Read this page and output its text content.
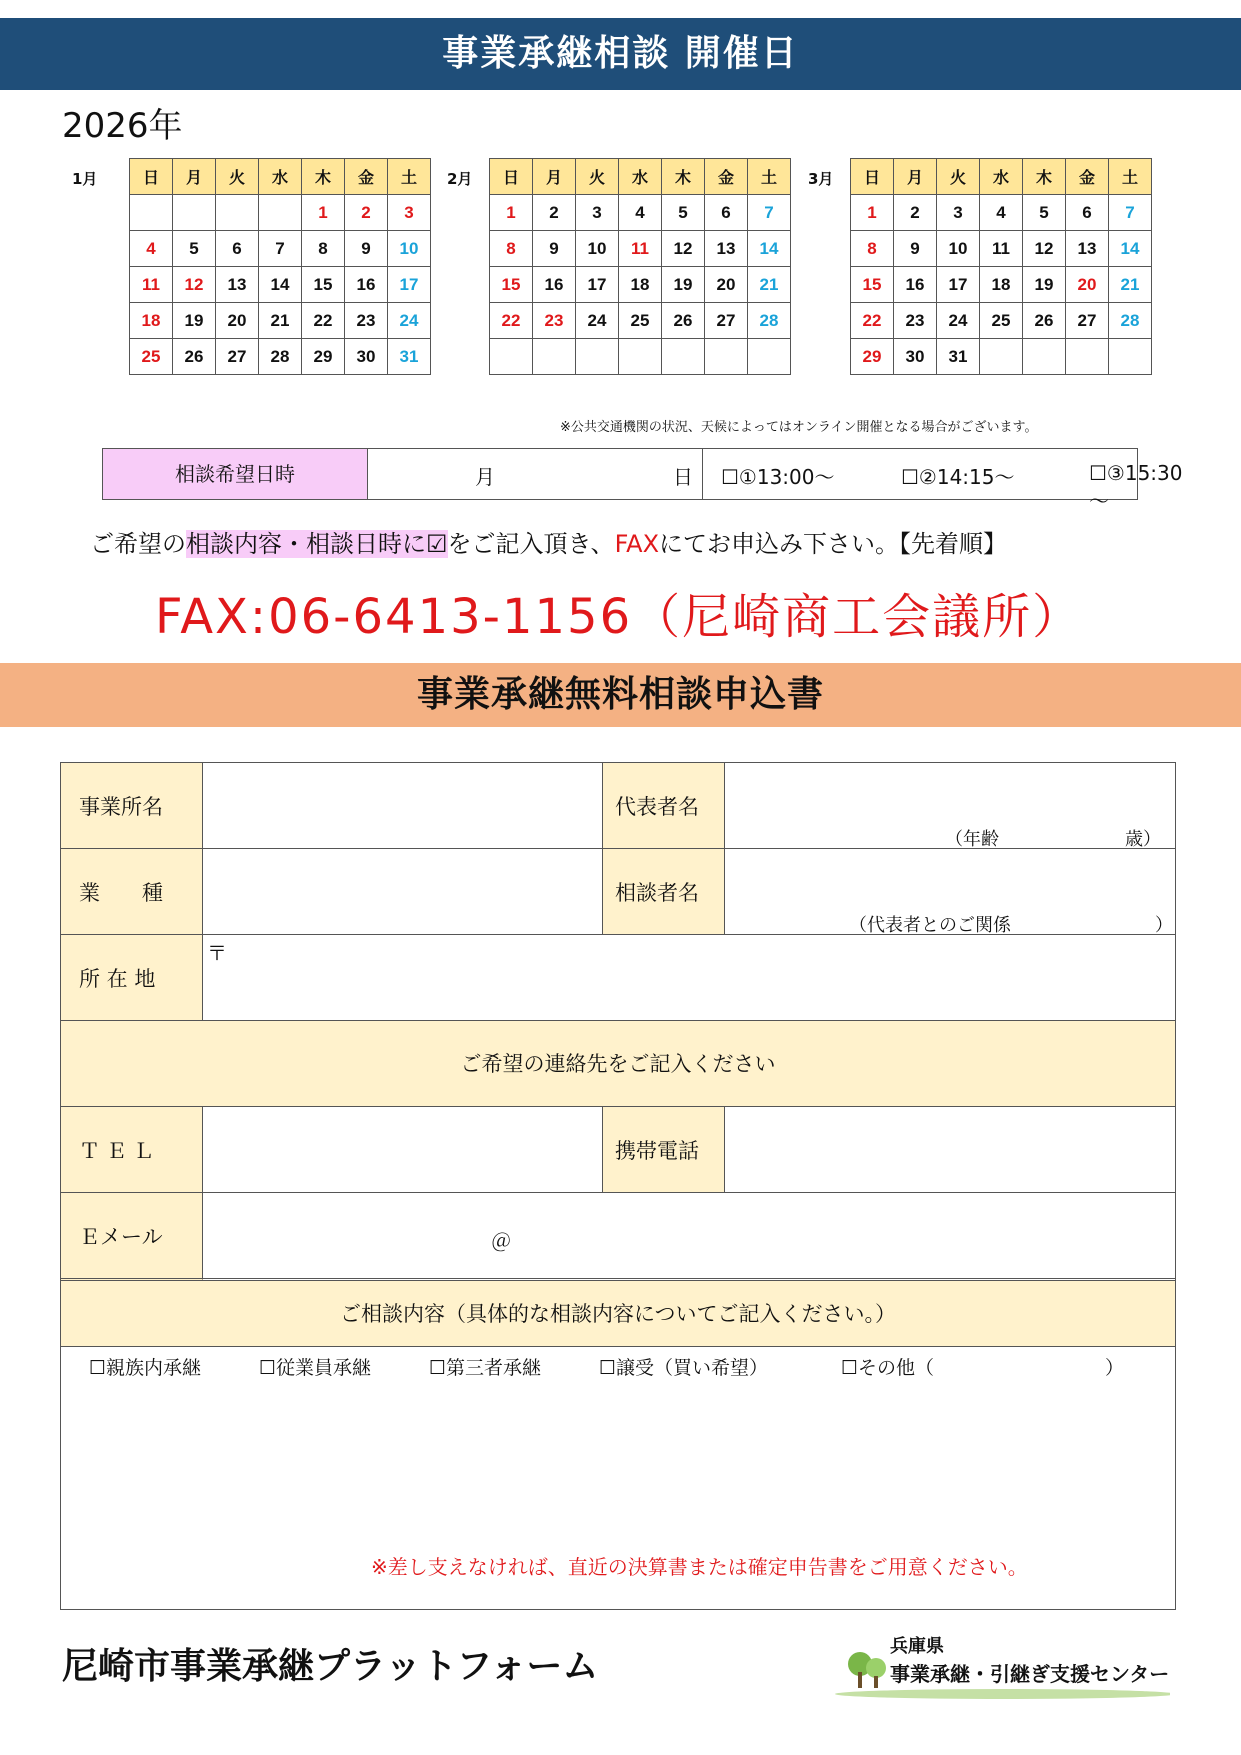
事業承継相談 開催日
2026年
1月	日	月	火	水	木	金	土
				1	2	3
4	5	6	7	8	9	10
11	12	13	14	15	16	17
18	19	20	21	22	23	24
25	26	27	28	29	30	31
2月 日	月	火	水	木	金	土
1	2	3	4	5	6	7
8	9	10	11	12	13	14
15	16	17	18	19	20	21
22	23	24	25	26	27	28

3月 日	月	火	水	木	金	土
1	2	3	4	5	6	7
8	9	10	11	12	13	14
15	16	17	18	19	20	21
22	23	24	25	26	27	28
29	30	31				
※公共交通機関の状況、天候によってはオンライン開催となる場合がございます。
相談希望日時	月	日 ☐①13:00～	☐②14:15～	☐③15:30～
ご希望の相談内容・相談日時に☑をご記入頂き、FAXにてお申込み下さい。【先着順】
FAX:06-6413-1156（尼崎商工会議所）
事業承継無料相談申込書
事業所名	代表者名
（年齢　　　　　　　歳）
業　　種	相談者名
（代表者とのご関係　　　　　　　　）
所 在 地
〒
ご希望の連絡先をご記入ください
ＴＥＬ	携帯電話
Ｅメール	＠
ご相談内容（具体的な相談内容についてご記入ください。）
☐親族内承継	☐従業員承継	☐第三者承継	☐譲受（買い希望）	☐その他（　　　　　　　　　）
※差し支えなければ、直近の決算書または確定申告書をご用意ください。
尼崎市事業承継プラットフォーム	兵庫県
事業承継・引継ぎ支援センター
